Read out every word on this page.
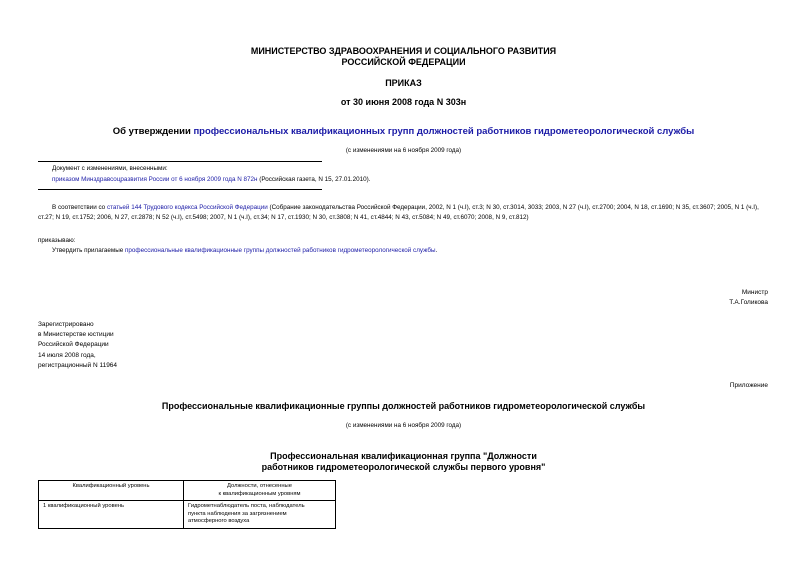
МИНИСТЕРСТВО ЗДРАВООХРАНЕНИЯ И СОЦИАЛЬНОГО РАЗВИТИЯ
РОССИЙСКОЙ ФЕДЕРАЦИИ
ПРИКАЗ
от 30 июня 2008 года N 303н
Об утверждении профессиональных квалификационных групп должностей работников гидрометеорологической службы
(с изменениями на 6 ноября 2009 года)
Документ с изменениями, внесенными:
приказом Минздравсоцразвития России от 6 ноября 2009 года N 872н (Российская газета, N 15, 27.01.2010).
В соответствии со статьей 144 Трудового кодекса Российской Федерации (Собрание законодательства Российской Федерации, 2002, N 1 (ч.I), ст.3; N 30, ст.3014, 3033; 2003, N 27 (ч.I), ст.2700; 2004, N 18, ст.1690; N 35, ст.3607; 2005, N 1 (ч.I), ст.27; N 19, ст.1752; 2006, N 27, ст.2878; N 52 (ч.I), ст.5498; 2007, N 1 (ч.I), ст.34; N 17, ст.1930; N 30, ст.3808; N 41, ст.4844; N 43, ст.5084; N 49, ст.6070; 2008, N 9, ст.812)
приказываю:
Утвердить прилагаемые профессиональные квалификационные группы должностей работников гидрометеорологической службы.
Министр
Т.А.Голикова
Зарегистрировано
в Министерстве юстиции
Российской Федерации
14 июля 2008 года,
регистрационный N 11964
Приложение
Профессиональные квалификационные группы должностей работников гидрометеорологической службы
(с изменениями на 6 ноября 2009 года)
Профессиональная квалификационная группа "Должности
работников гидрометеорологической службы первого уровня"
Квалификационный уровень	Должности, отнесенные
к квалификационным уровням

1 квалификационный уровень	Гидрометнаблюдатель поста, наблюдатель
пункта наблюдения за загрязнением
атмосферного воздуха
